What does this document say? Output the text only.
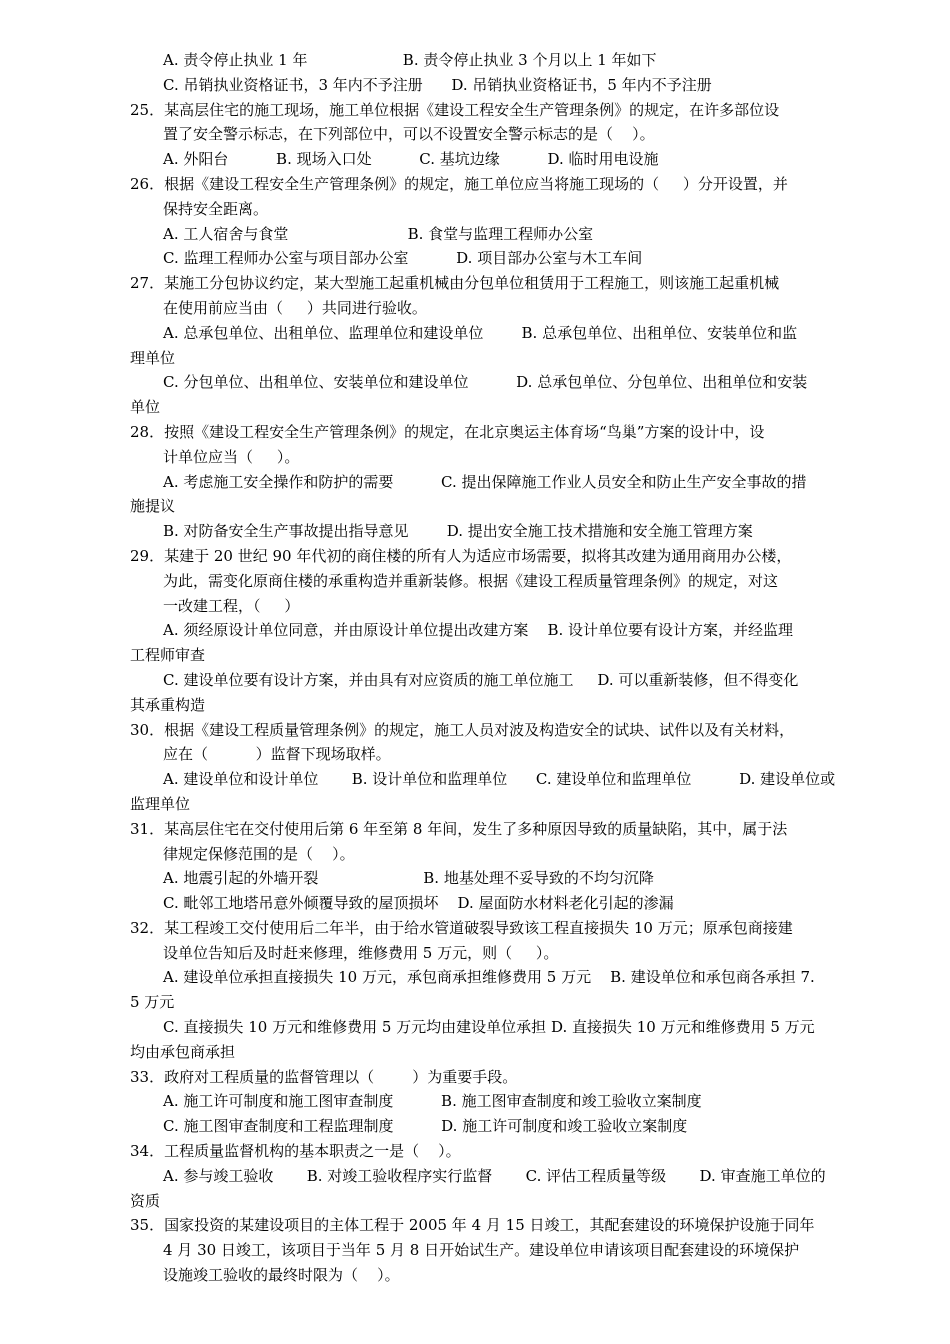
A. 责令停止执业 1 年                    B. 责令停止执业 3 个月以上 1 年如下
C. 吊销执业资格证书，3 年内不予注册      D. 吊销执业资格证书，5 年内不予注册
25．某高层住宅的施工现场，施工单位根据《建设工程安全生产管理条例》的规定，在许多部位设
置了安全警示标志，在下列部位中，可以不设置安全警示标志的是（    ）。
A. 外阳台          B. 现场入口处          C. 基坑边缘          D. 临时用电设施
26．根据《建设工程安全生产管理条例》的规定，施工单位应当将施工现场的（     ）分开设置，并
保持安全距离。
A. 工人宿舍与食堂                         B. 食堂与监理工程师办公室
C. 监理工程师办公室与项目部办公室          D. 项目部办公室与木工车间
27．某施工分包协议约定，某大型施工起重机械由分包单位租赁用于工程施工，则该施工起重机械
在使用前应当由（     ）共同进行验收。
A. 总承包单位、出租单位、监理单位和建设单位        B. 总承包单位、出租单位、安装单位和监
理单位
C. 分包单位、出租单位、安装单位和建设单位          D. 总承包单位、分包单位、出租单位和安装
单位
28．按照《建设工程安全生产管理条例》的规定，在北京奥运主体育场“鸟巢”方案的设计中，设
计单位应当（     ）。
A. 考虑施工安全操作和防护的需要          C. 提出保障施工作业人员安全和防止生产安全事故的措
施提议
B. 对防备安全生产事故提出指导意见        D. 提出安全施工技术措施和安全施工管理方案
29．某建于 20 世纪 90 年代初的商住楼的所有人为适应市场需要，拟将其改建为通用商用办公楼，
为此，需变化原商住楼的承重构造并重新装修。根据《建设工程质量管理条例》的规定，对这
一改建工程，（     ）
A. 须经原设计单位同意，并由原设计单位提出改建方案    B. 设计单位要有设计方案，并经监理
工程师审查
C. 建设单位要有设计方案，并由具有对应资质的施工单位施工     D. 可以重新装修，但不得变化
其承重构造
30．根据《建设工程质量管理条例》的规定，施工人员对波及构造安全的试块、试件以及有关材料，
应在（          ）监督下现场取样。
A. 建设单位和设计单位       B. 设计单位和监理单位      C. 建设单位和监理单位          D. 建设单位或
监理单位
31．某高层住宅在交付使用后第 6 年至第 8 年间，发生了多种原因导致的质量缺陷，其中，属于法
律规定保修范围的是（    ）。
A. 地震引起的外墙开裂                      B. 地基处理不妥导致的不均匀沉降
C. 毗邻工地塔吊意外倾覆导致的屋顶损坏    D. 屋面防水材料老化引起的渗漏
32．某工程竣工交付使用后二年半，由于给水管道破裂导致该工程直接损失 10 万元；原承包商接建
设单位告知后及时赶来修理，维修费用 5 万元，则（     ）。
A. 建设单位承担直接损失 10 万元，承包商承担维修费用 5 万元    B. 建设单位和承包商各承担 7.
5 万元
C. 直接损失 10 万元和维修费用 5 万元均由建设单位承担 D. 直接损失 10 万元和维修费用 5 万元
均由承包商承担
33．政府对工程质量的监督管理以（        ）为重要手段。
A. 施工许可制度和施工图审查制度          B. 施工图审查制度和竣工验收立案制度
C. 施工图审查制度和工程监理制度          D. 施工许可制度和竣工验收立案制度
34．工程质量监督机构的基本职责之一是（    ）。
A. 参与竣工验收       B. 对竣工验收程序实行监督       C. 评估工程质量等级       D. 审查施工单位的
资质
35．国家投资的某建设项目的主体工程于 2005 年 4 月 15 日竣工，其配套建设的环境保护设施于同年
4 月 30 日竣工，该项目于当年 5 月 8 日开始试生产。建设单位申请该项目配套建设的环境保护
设施竣工验收的最终时限为（    ）。
